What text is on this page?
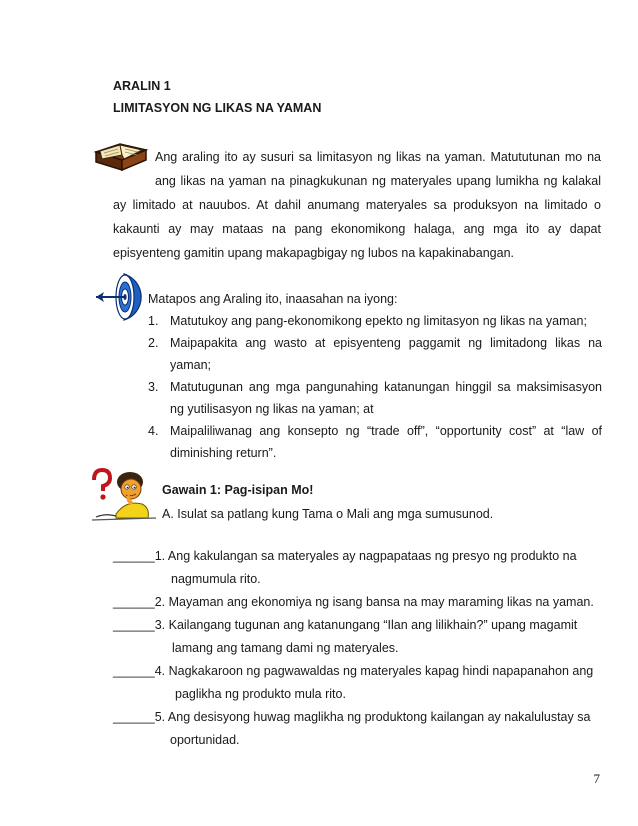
ARALIN 1
LIMITASYON NG LIKAS NA YAMAN
Ang araling ito ay susuri sa limitasyon ng likas na yaman. Matututunan mo na
ang likas na yaman na pinagkukunan ng materyales upang lumikha ng kalakal
ay limitado at nauubos. At dahil anumang materyales sa produksyon na limitado o kakaunti ay may mataas na pang ekonomikong halaga, ang mga ito ay dapat episyenteng gamitin upang makapagbigay ng lubos na kapakinabangan.
Matapos ang Araling ito, inaasahan na iyong:
1. Matutukoy ang pang-ekonomikong epekto ng limitasyon ng likas na yaman;
2. Maipapakita ang wasto at episyenteng paggamit ng limitadong likas na yaman;
3. Matutugunan ang mga pangunahing katanungan hinggil sa maksimisasyon ng yutilisasyon ng likas na yaman; at
4. Maipaliliwanag ang konsepto ng “trade off”, “opportunity cost” at “law of diminishing return”.
Gawain 1: Pag-isipan Mo!
A. Isulat sa patlang kung Tama o Mali ang mga sumusunod.
______1. Ang kakulangan sa materyales ay nagpapataas ng presyo ng produkto na
nagmumula rito.
______2. Mayaman ang ekonomiya ng isang bansa na may maraming likas na yaman.
______3. Kailangang tugunan ang katanungang “Ilan ang lilikhain?” upang magamit
lamang ang tamang dami ng materyales.
______4. Nagkakaroon ng pagwawaldas ng materyales kapag hindi napapanahon ang
paglikha ng produkto mula rito.
______5. Ang desisyong huwag maglikha ng produktong kailangan ay nakalulustay sa
oportunidad.
7
